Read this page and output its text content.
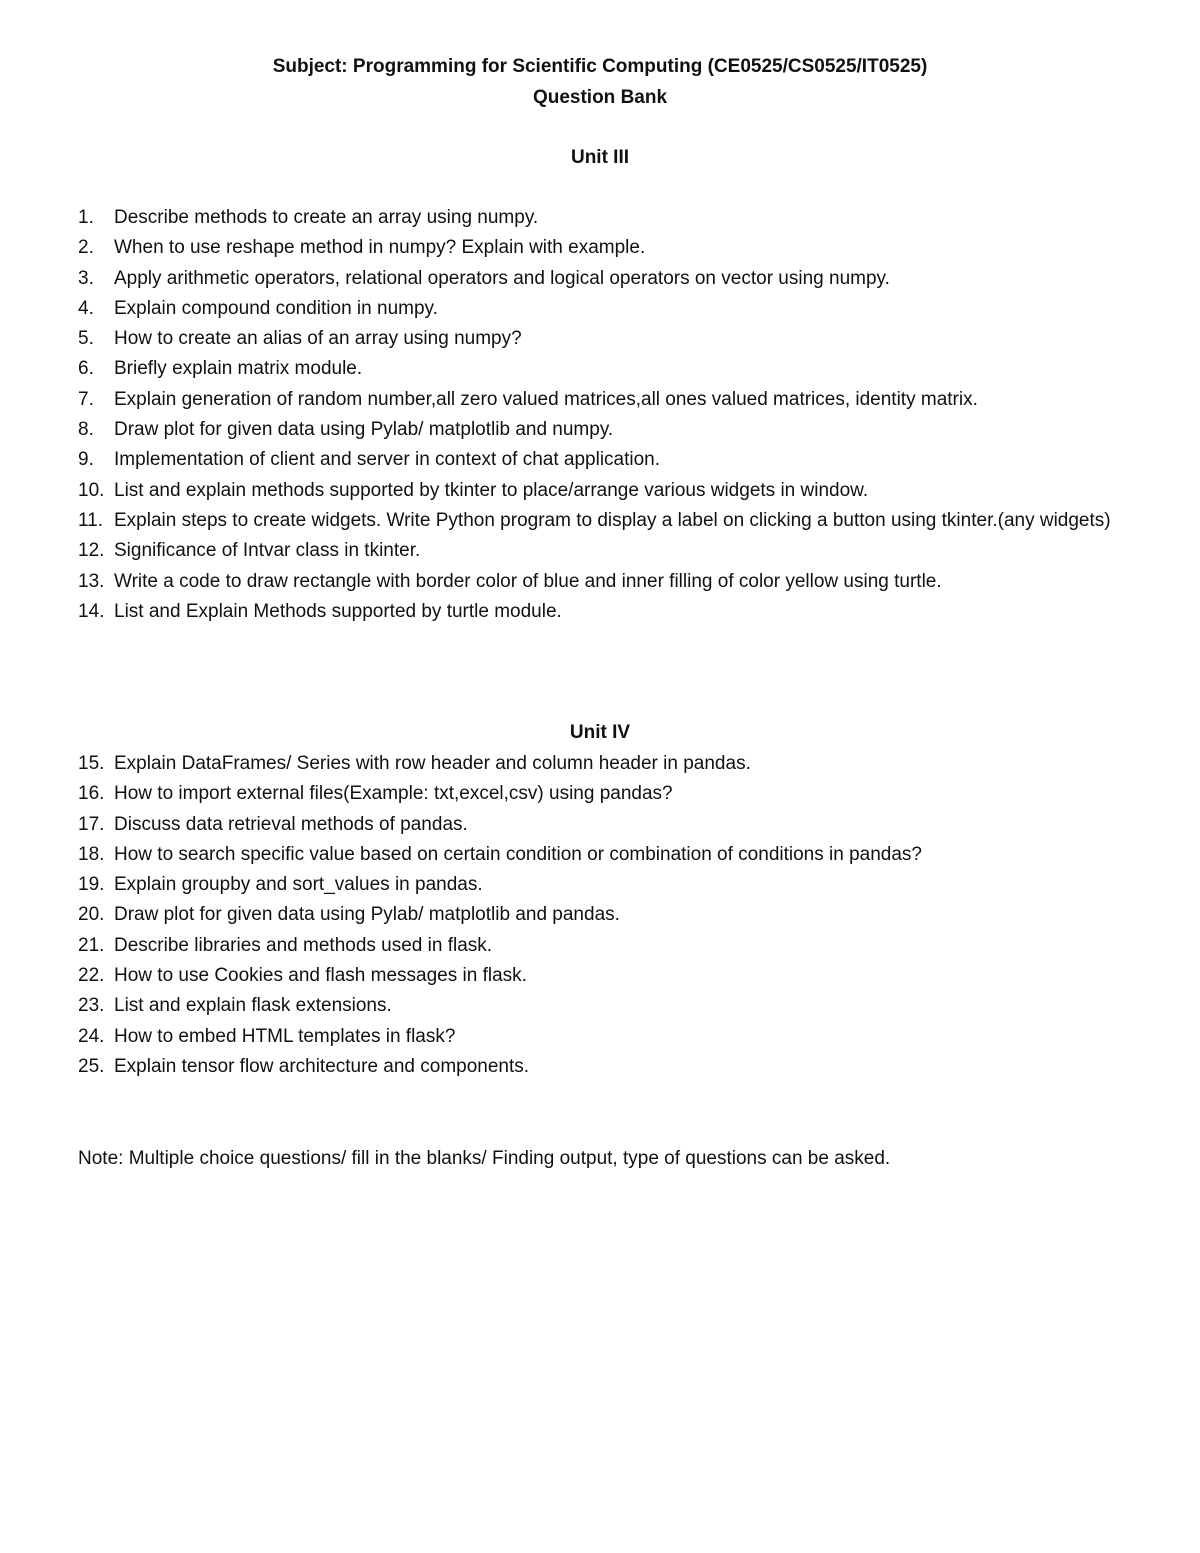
Subject: Programming for Scientific Computing (CE0525/CS0525/IT0525)
Question Bank
Unit III
1.	Describe methods to create an array using numpy.
2.	When to use reshape method in numpy? Explain with example.
3.	Apply arithmetic operators, relational operators and logical operators on vector using numpy.
4.	Explain compound condition in numpy.
5.	How to create an alias of an array using numpy?
6.	Briefly explain matrix module.
7.	Explain generation of random number,all zero valued matrices,all ones valued matrices, identity matrix.
8.	Draw plot for given data using Pylab/ matplotlib and numpy.
9.	Implementation of client and server in context of chat application.
10. List and explain methods supported by tkinter to place/arrange various widgets in window.
11. Explain steps to create widgets. Write Python program to display a label on clicking a button using tkinter.(any widgets)
12. Significance of Intvar class in tkinter.
13. Write a code to draw rectangle with border color of blue and inner filling of color yellow using turtle.
14. List and Explain Methods supported by turtle module.
Unit IV
15. Explain DataFrames/ Series with row header and column header in pandas.
16. How to import external files(Example: txt,excel,csv) using pandas?
17. Discuss data retrieval methods of pandas.
18. How to search specific value based on certain condition or combination of conditions in pandas?
19. Explain groupby and sort_values in pandas.
20. Draw plot for given data using Pylab/ matplotlib and pandas.
21. Describe libraries and methods used in flask.
22. How to use Cookies and flash messages in flask.
23. List and explain flask extensions.
24. How to embed HTML templates in flask?
25. Explain tensor flow architecture and components.
Note: Multiple choice questions/ fill in the blanks/ Finding output, type of questions can be asked.
